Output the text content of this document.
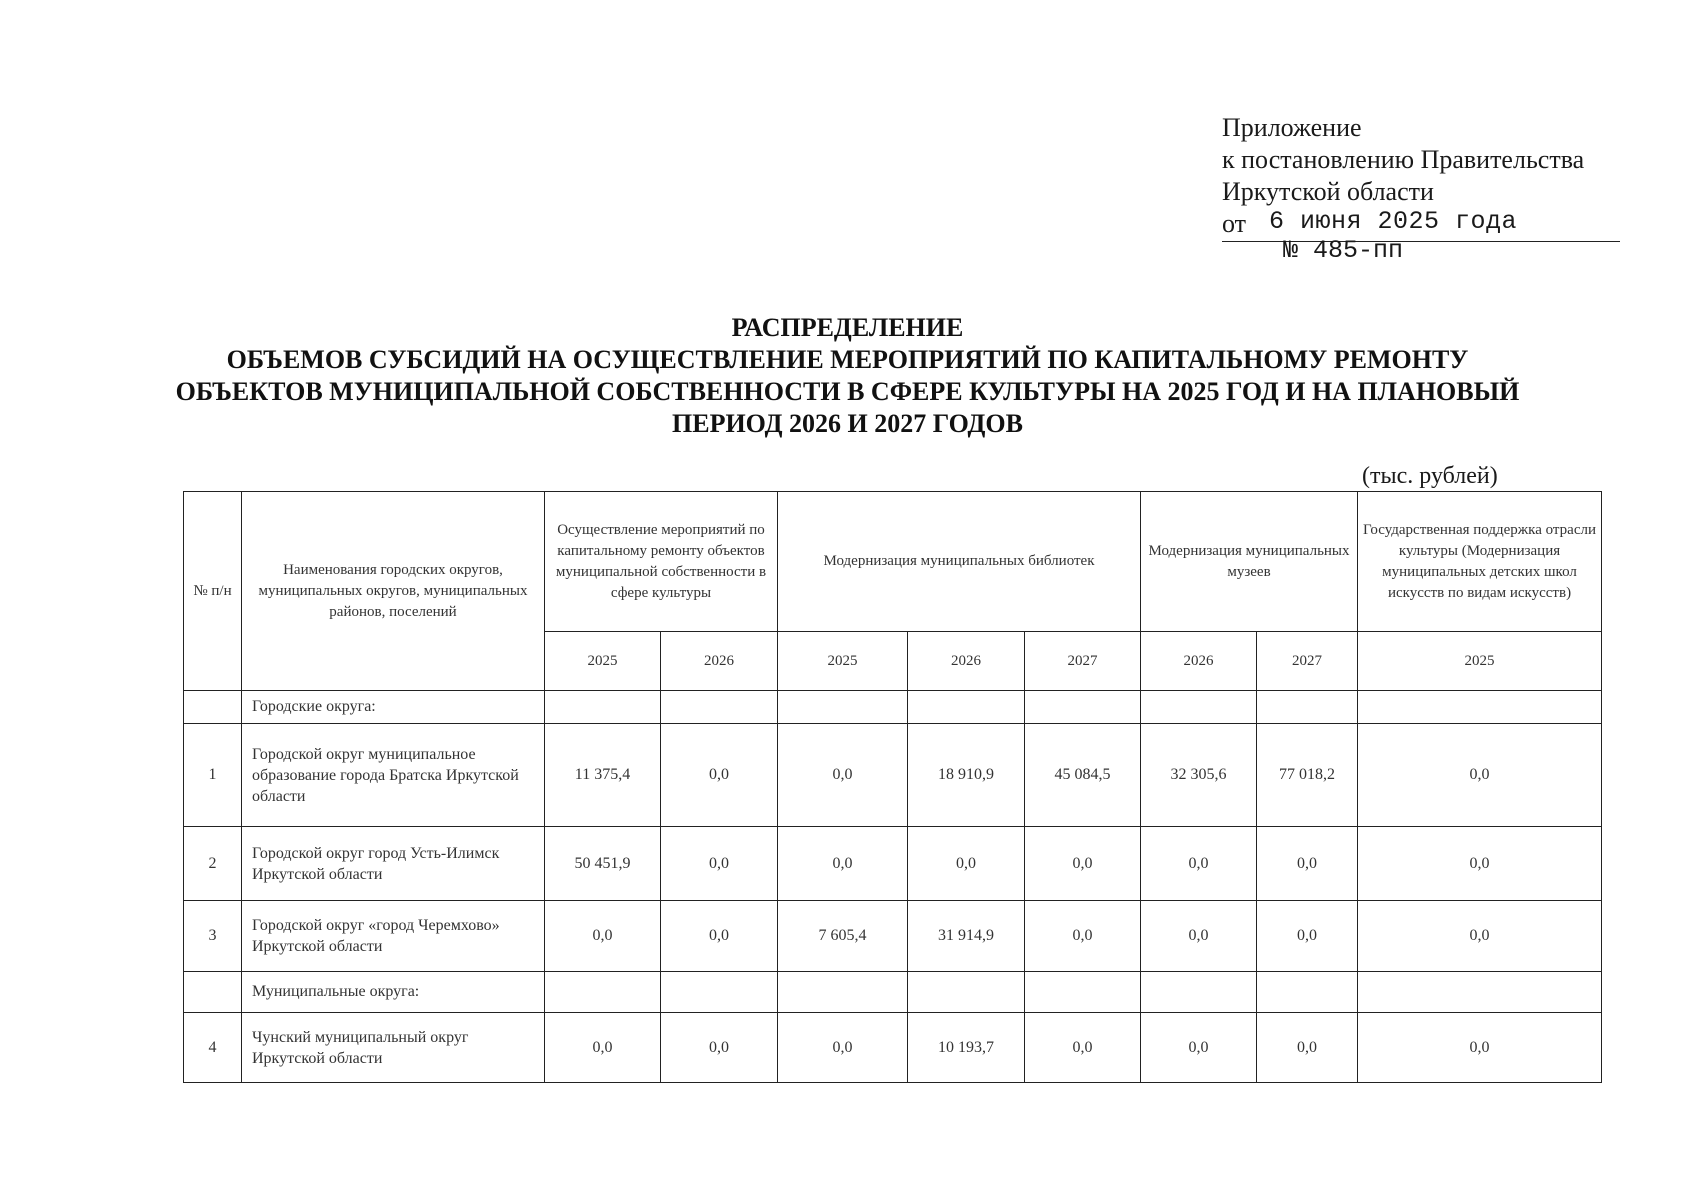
Приложение
к постановлению Правительства
Иркутской области
от 6 июня 2025 года
№ 485-пп
РАСПРЕДЕЛЕНИЕ
ОБЪЕМОВ СУБСИДИЙ НА ОСУЩЕСТВЛЕНИЕ МЕРОПРИЯТИЙ ПО КАПИТАЛЬНОМУ РЕМОНТУ
ОБЪЕКТОВ МУНИЦИПАЛЬНОЙ СОБСТВЕННОСТИ В СФЕРЕ КУЛЬТУРЫ НА 2025 ГОД И НА ПЛАНОВЫЙ
ПЕРИОД 2026 И 2027 ГОДОВ
(тыс. рублей)
№ п/н	Наименования городских округов, муниципальных округов, муниципальных районов, поселений	Осуществление мероприятий по капитальному ремонту объектов муниципальной собственности в сфере культуры		Модернизация муниципальных библиотек			Модернизация муниципальных музеев		Государственная поддержка отрасли культуры (Модернизация муниципальных детских школ искусств по видам искусств)
		2025	2026	2025	2026	2027	2026	2027	2025
	Городские округа:								
1	Городской округ муниципальное образование города Братска Иркутской области	11 375,4	0,0	0,0	18 910,9	45 084,5	32 305,6	77 018,2	0,0
2	Городской округ город Усть-Илимск Иркутской области	50 451,9	0,0	0,0	0,0	0,0	0,0	0,0	0,0
3	Городской округ «город Черемхово» Иркутской области	0,0	0,0	7 605,4	31 914,9	0,0	0,0	0,0	0,0
	Муниципальные округа:								
4	Чунский муниципальный округ Иркутской области	0,0	0,0	0,0	10 193,7	0,0	0,0	0,0	0,0
